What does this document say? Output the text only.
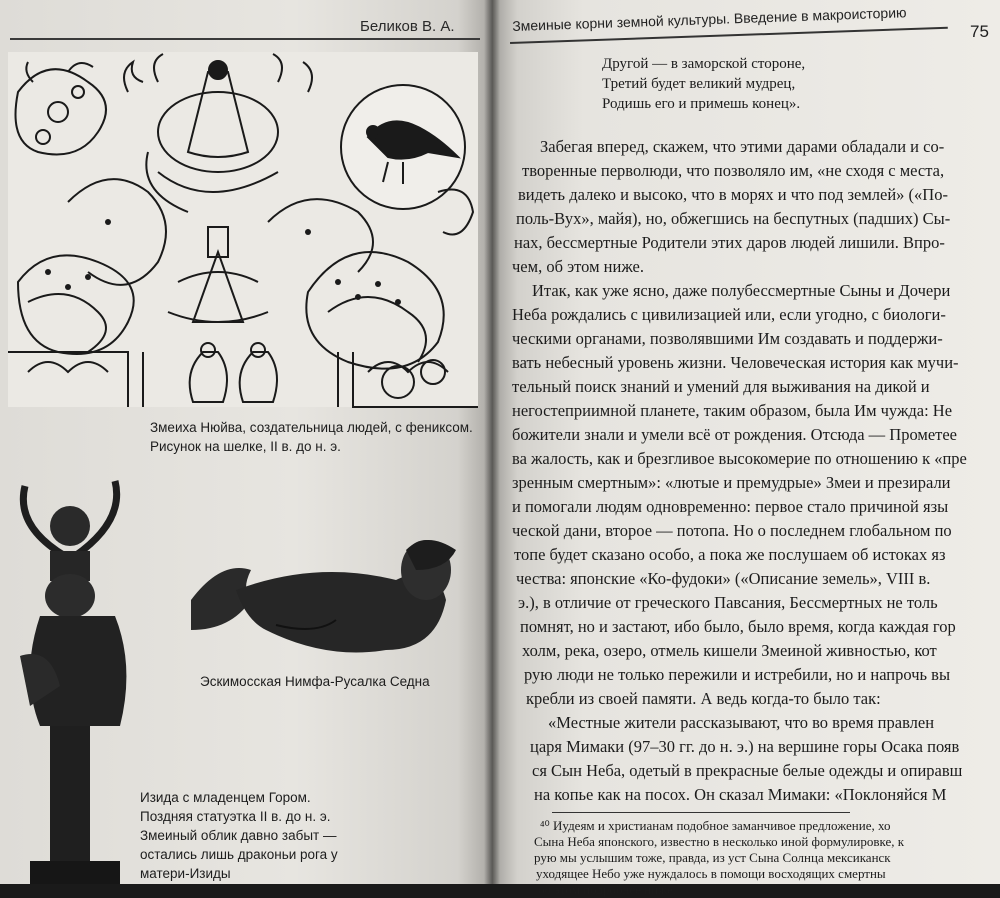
Беликов В. А.
Змеиха Нюйва, создательница людей, с фениксом.
Рисунок на шелке, II в. до н. э.
Эскимосская Нимфа-Русалка Седна
Изида с младенцем Гором.
Поздняя статуэтка II в. до н. э.
Змеиный облик давно забыт —
остались лишь драконьи рога у
матери-Изиды
Змеиные корни земной культуры. Введение в макроисторию	75
Другой — в заморской стороне,
Третий будет великий мудрец,
Родишь его и примешь конец».
Забегая вперед, скажем, что этими дарами обладали и со-
творенные перволюди, что позволяло им, «не сходя с места,
видеть далеко и высоко, что в морях и что под землей» («По-
поль-Вух», майя), но, обжегшись на беспутных (падших) Сы-
нах, бессмертные Родители этих даров людей лишили. Впро-
чем, об этом ниже.
Итак, как уже ясно, даже полубессмертные Сыны и Дочери
Неба рождались с цивилизацией или, если угодно, с биологи-
ческими органами, позволявшими Им создавать и поддержи-
вать небесный уровень жизни. Человеческая история как мучи-
тельный поиск знаний и умений для выживания на дикой и
негостеприимной планете, таким образом, была Им чужда: Не
божители знали и умели всё от рождения. Отсюда — Прометее
ва жалость, как и брезгливое высокомерие по отношению к «пре
зренным смертным»: «лютые и премудрые» Змеи и презирали
и помогали людям одновременно: первое стало причиной язы
ческой дани, второе — потопа. Но о последнем глобальном по
топе будет сказано особо, а пока же послушаем об истоках яз
чества: японские «Ко-фудоки» («Описание земель», VIII в.
э.), в отличие от греческого Павсания, Бессмертных не толь
помнят, но и застают, ибо было, было время, когда каждая гор
холм, река, озеро, отмель кишели Змеиной живностью, кот
рую люди не только пережили и истребили, но и напрочь вы
кребли из своей памяти. А ведь когда-то было так:
«Местные жители рассказывают, что во время правлен
царя Мимаки (97–30 гг. до н. э.) на вершине горы Осака появ
ся Сын Неба, одетый в прекрасные белые одежды и опиравш
на копье как на посох. Он сказал Мимаки: «Поклоняйся М
⁴⁰ Иудеям и христианам подобное заманчивое предложение, хо
Сына Неба японского, известно в несколько иной формулировке, к
рую мы услышим тоже, правда, из уст Сына Солнца мексиканск
уходящее Небо уже нуждалось в помощи восходящих смертны
об этом подробнее ниже.
